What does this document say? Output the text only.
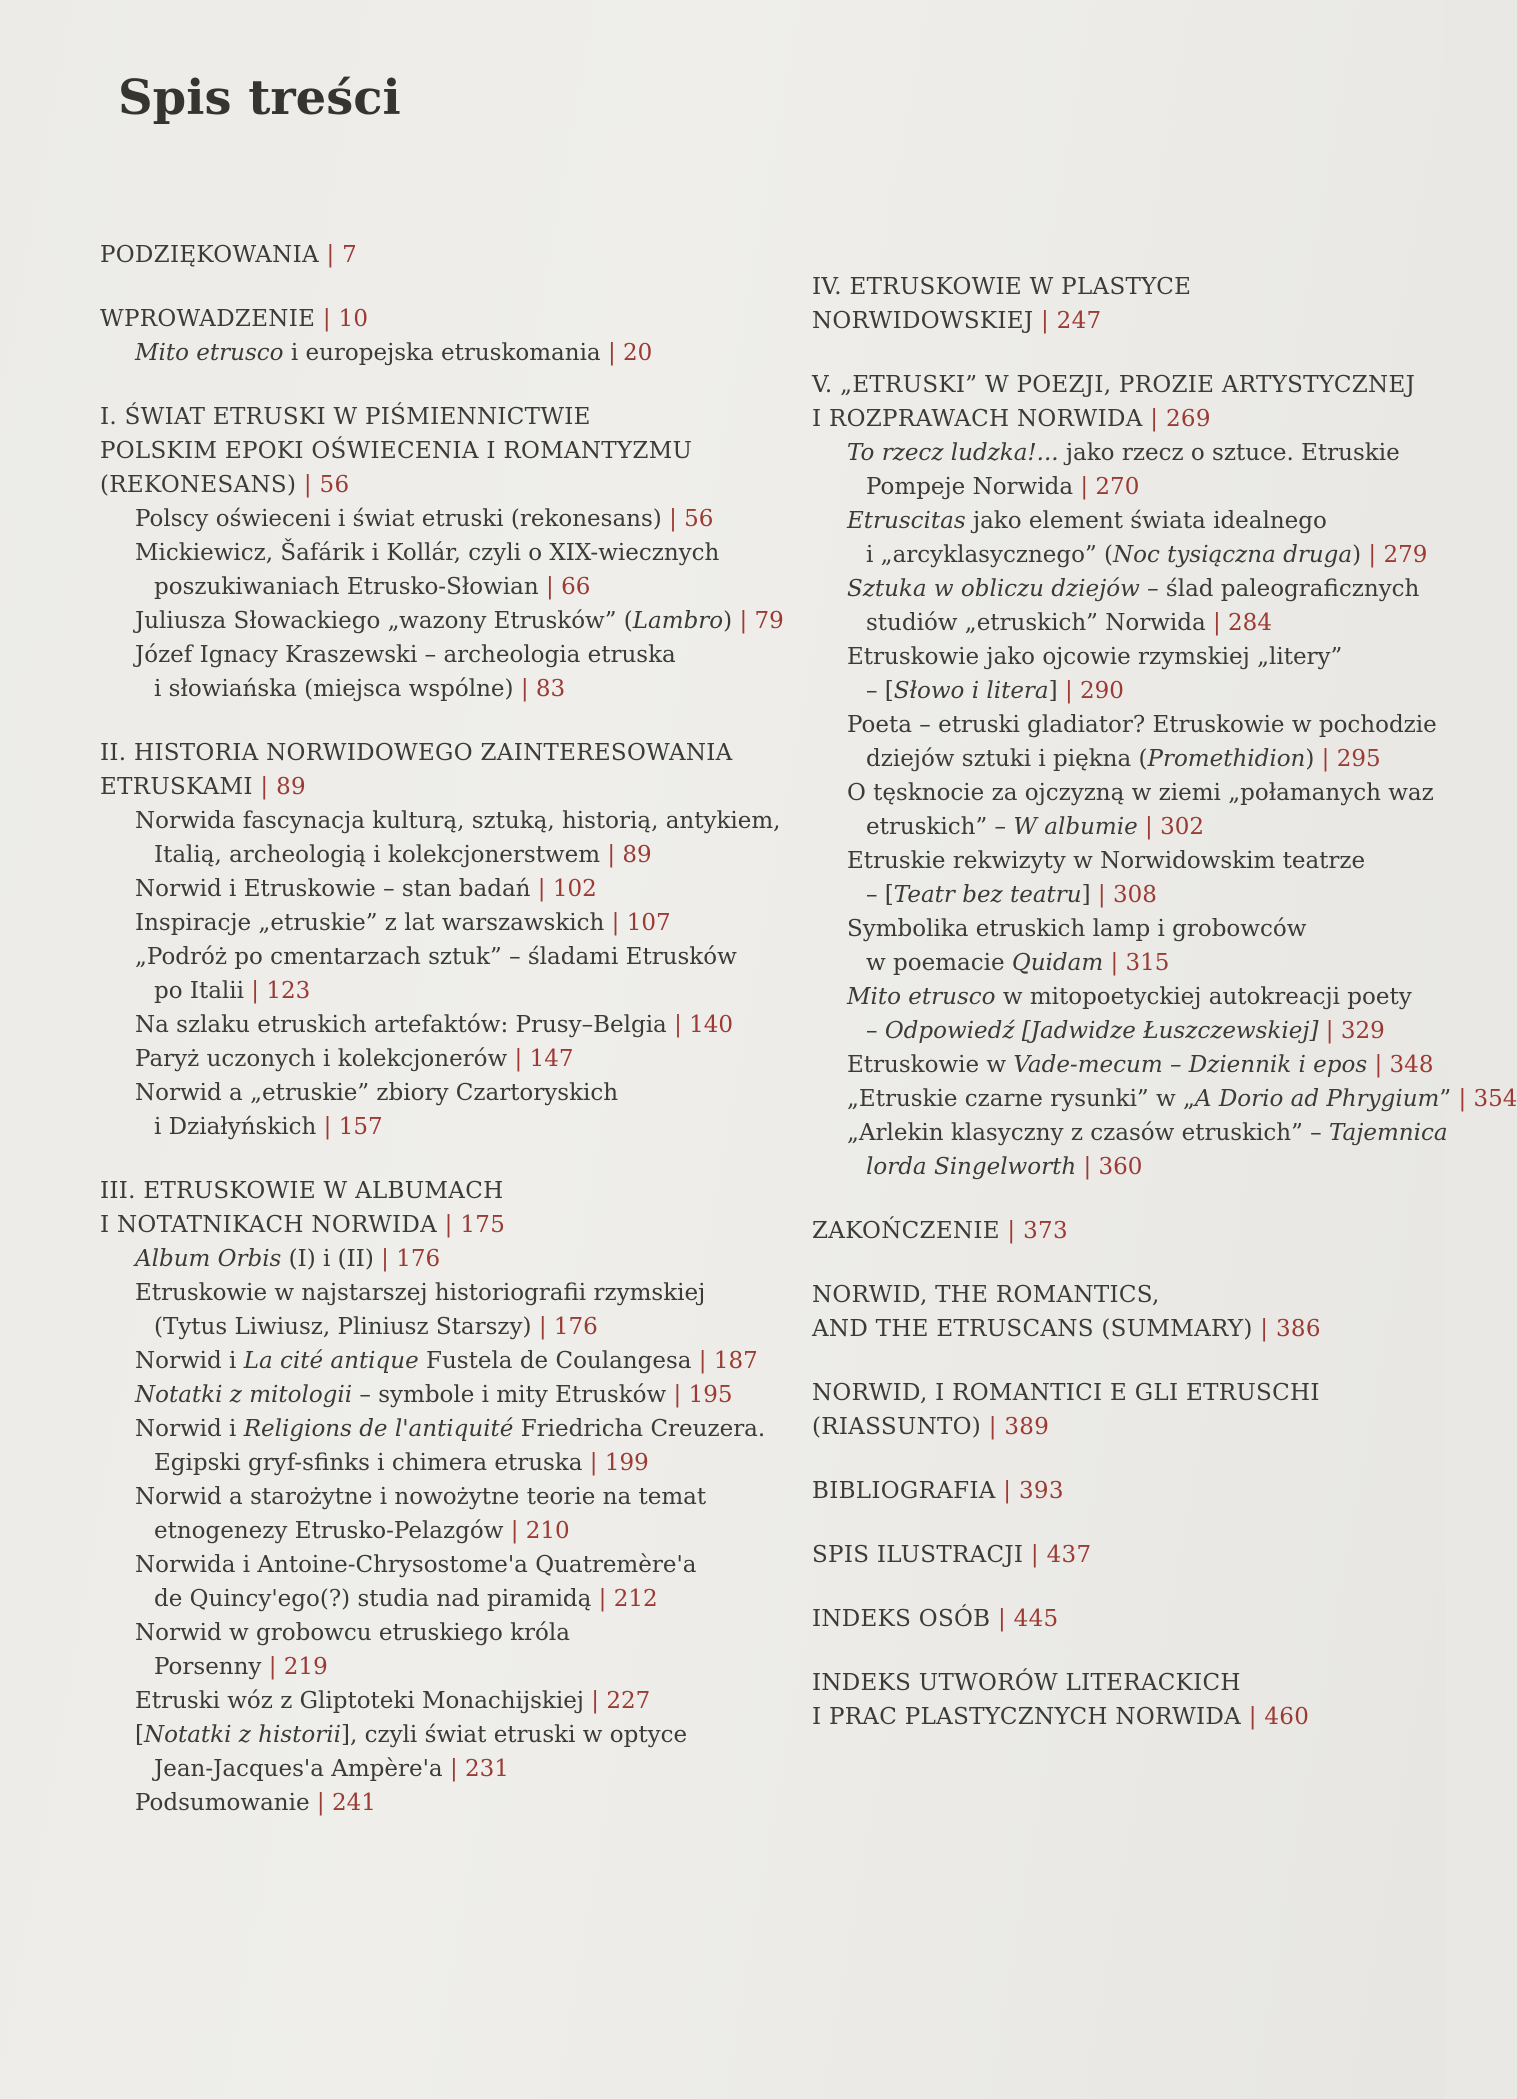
Spis treści
PODZIĘKOWANIA | 7
WPROWADZENIE | 10
Mito etrusco i europejska etruskomania | 20
I. ŚWIAT ETRUSKI W PIŚMIENNICTWIE
POLSKIM EPOKI OŚWIECENIA I ROMANTYZMU
(REKONESANS) | 56
Polscy oświeceni i świat etruski (rekonesans) | 56
Mickiewicz, Šafárik i Kollár, czyli o XIX-wiecznych
poszukiwaniach Etrusko-Słowian | 66
Juliusza Słowackiego „wazony Etrusków” (Lambro) | 79
Józef Ignacy Kraszewski – archeologia etruska
i słowiańska (miejsca wspólne) | 83
II. HISTORIA NORWIDOWEGO ZAINTERESOWANIA
ETRUSKAMI | 89
Norwida fascynacja kulturą, sztuką, historią, antykiem,
Italią, archeologią i kolekcjonerstwem | 89
Norwid i Etruskowie – stan badań | 102
Inspiracje „etruskie” z lat warszawskich | 107
„Podróż po cmentarzach sztuk” – śladami Etrusków
po Italii | 123
Na szlaku etruskich artefaktów: Prusy–Belgia | 140
Paryż uczonych i kolekcjonerów | 147
Norwid a „etruskie” zbiory Czartoryskich
i Działyńskich | 157
III. ETRUSKOWIE W ALBUMACH
I NOTATNIKACH NORWIDA | 175
Album Orbis (I) i (II) | 176
Etruskowie w najstarszej historiografii rzymskiej
(Tytus Liwiusz, Pliniusz Starszy) | 176
Norwid i La cité antique Fustela de Coulangesa | 187
Notatki z mitologii – symbole i mity Etrusków | 195
Norwid i Religions de l'antiquité Friedricha Creuzera.
Egipski gryf-sfinks i chimera etruska | 199
Norwid a starożytne i nowożytne teorie na temat
etnogenezy Etrusko-Pelazgów | 210
Norwida i Antoine-Chrysostome'a Quatremère'a
de Quincy'ego(?) studia nad piramidą | 212
Norwid w grobowcu etruskiego króla
Porsenny | 219
Etruski wóz z Gliptoteki Monachijskiej | 227
[Notatki z historii], czyli świat etruski w optyce
Jean-Jacques'a Ampère'a | 231
Podsumowanie | 241
IV. ETRUSKOWIE W PLASTYCE
NORWIDOWSKIEJ | 247
V. „ETRUSKI” W POEZJI, PROZIE ARTYSTYCZNEJ
I ROZPRAWACH NORWIDA | 269
To rzecz ludzka!... jako rzecz o sztuce. Etruskie
Pompeje Norwida | 270
Etruscitas jako element świata idealnego
i „arcyklasycznego” (Noc tysiączna druga) | 279
Sztuka w obliczu dziejów – ślad paleograficznych
studiów „etruskich” Norwida | 284
Etruskowie jako ojcowie rzymskiej „litery”
– [Słowo i litera] | 290
Poeta – etruski gladiator? Etruskowie w pochodzie
dziejów sztuki i piękna (Promethidion) | 295
O tęsknocie za ojczyzną w ziemi „połamanych waz
etruskich” – W albumie | 302
Etruskie rekwizyty w Norwidowskim teatrze
– [Teatr bez teatru] | 308
Symbolika etruskich lamp i grobowców
w poemacie Quidam | 315
Mito etrusco w mitopoetyckiej autokreacji poety
– Odpowiedź [Jadwidze Łuszczewskiej] | 329
Etruskowie w Vade-mecum – Dziennik i epos | 348
„Etruskie czarne rysunki” w „A Dorio ad Phrygium” | 354
„Arlekin klasyczny z czasów etruskich” – Tajemnica
lorda Singelworth | 360
ZAKOŃCZENIE | 373
NORWID, THE ROMANTICS,
AND THE ETRUSCANS (SUMMARY) | 386
NORWID, I ROMANTICI E GLI ETRUSCHI
(RIASSUNTO) | 389
BIBLIOGRAFIA | 393
SPIS ILUSTRACJI | 437
INDEKS OSÓB | 445
INDEKS UTWORÓW LITERACKICH
I PRAC PLASTYCZNYCH NORWIDA | 460
